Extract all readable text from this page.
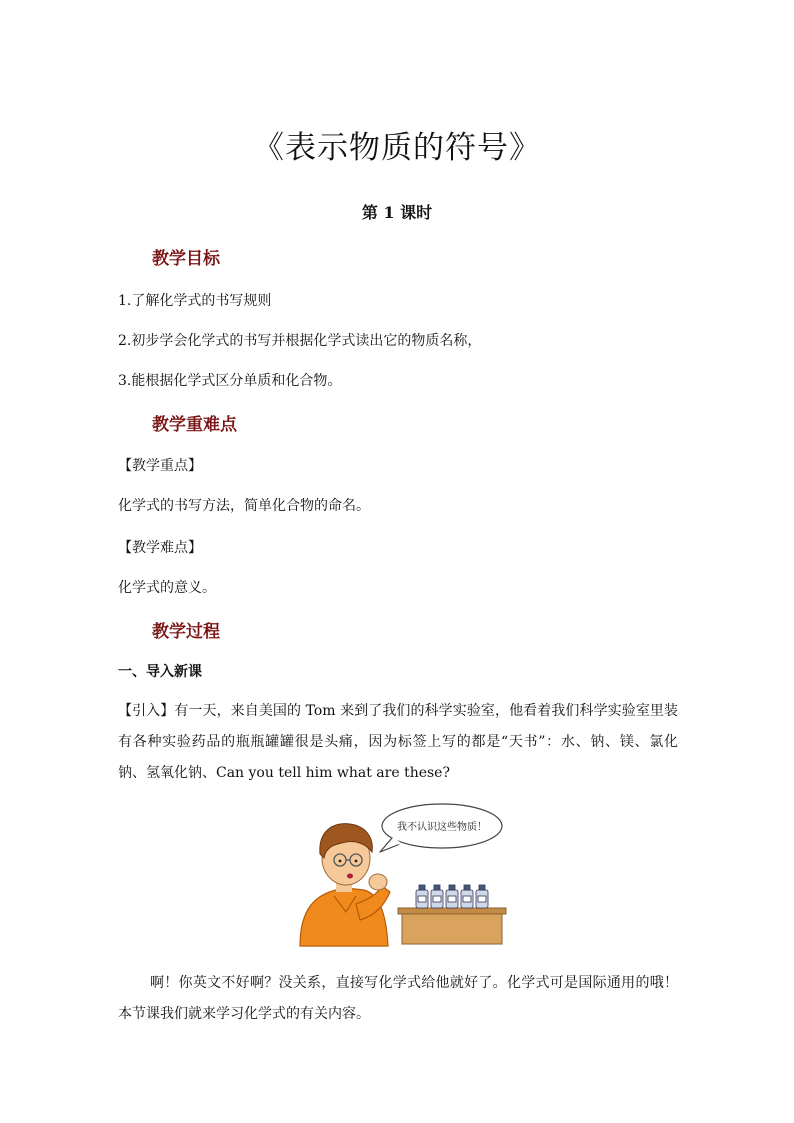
《表示物质的符号》
第 1 课时
教学目标
1.了解化学式的书写规则
2.初步学会化学式的书写并根据化学式读出它的物质名称，
3.能根据化学式区分单质和化合物。
教学重难点
【教学重点】
化学式的书写方法，简单化合物的命名。
【教学难点】
化学式的意义。
教学过程
一、导入新课

【引入】有一天，来自美国的 Tom 来到了我们的科学实验室，他看着我们科学实验室里装有各种实验药品的瓶瓶罐罐很是头痛，因为标签上写的都是“天书”：水、钠、镁、氯化钠、氢氧化钠、Can you tell him what are these?

我不认识这些物质！

啊！你英文不好啊？没关系，直接写化学式给他就好了。化学式可是国际通用的哦！本节课我们就来学习化学式的有关内容。
